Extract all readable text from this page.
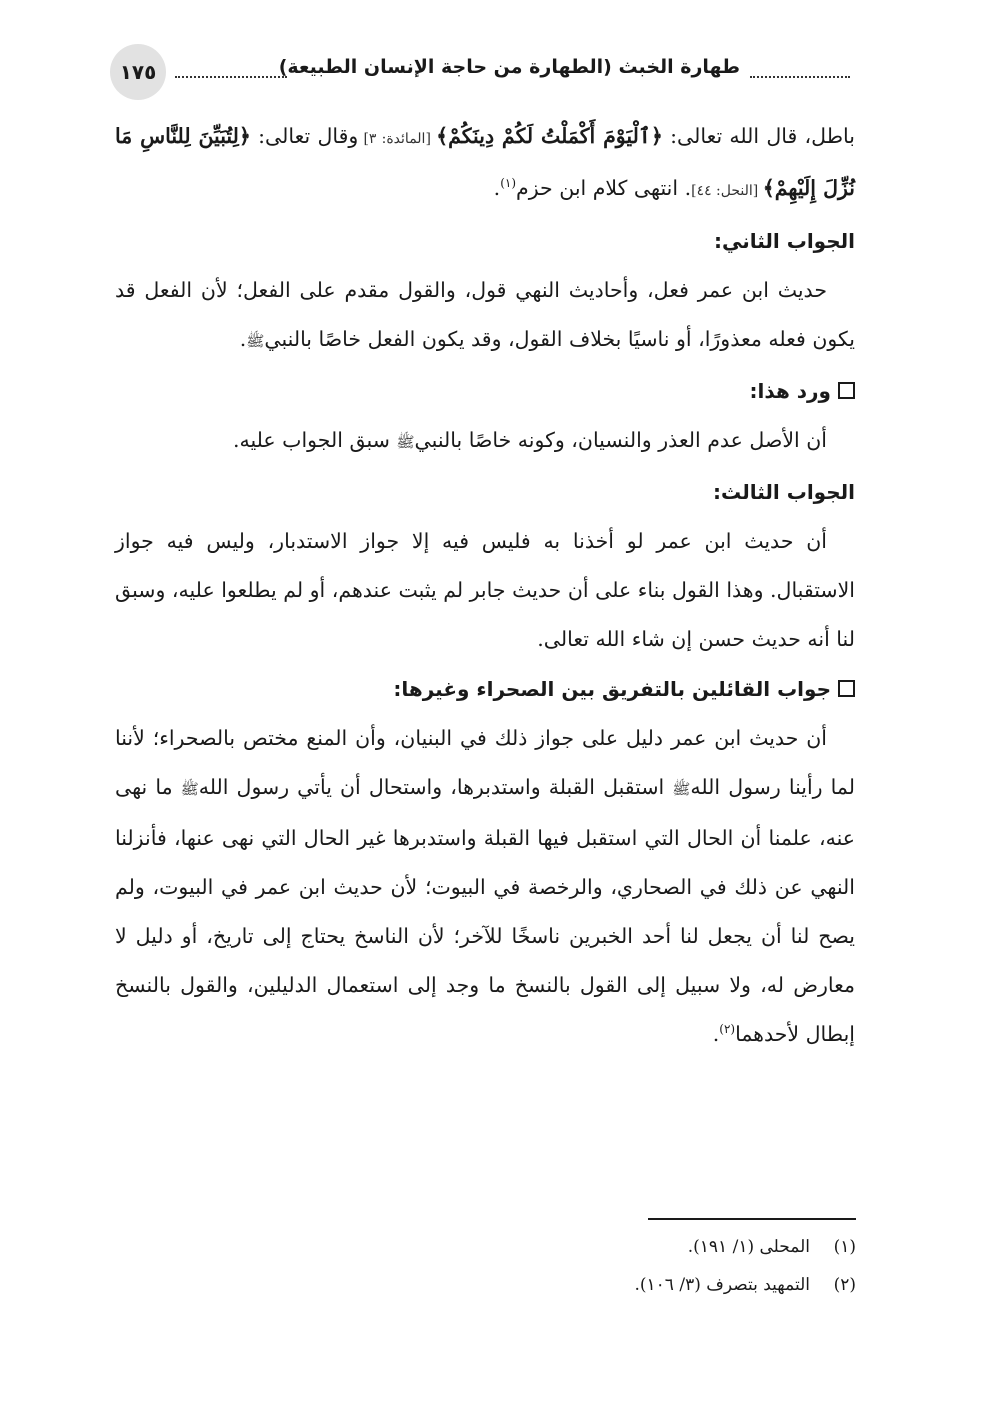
طهارة الخبث (الطهارة من حاجة الإنسان الطبيعة)
١٧٥

باطل، قال الله تعالى: ﴿ٱلْيَوْمَ أَكْمَلْتُ لَكُمْ دِينَكُمْ﴾ [المائدة: ٣] وقال تعالى: ﴿لِتُبَيِّنَ لِلنَّاسِ مَا نُزِّلَ إِلَيْهِمْ﴾ [النحل: ٤٤]. انتهى كلام ابن حزم$^{(١)}$.

الجواب الثاني:

حديث ابن عمر فعل، وأحاديث النهي قول، والقول مقدم على الفعل؛ لأن الفعل قد يكون فعله معذورًا، أو ناسيًا بخلاف القول، وقد يكون الفعل خاصًا بالنبيﷺ.

ورد هذا:

أن الأصل عدم العذر والنسيان، وكونه خاصًا بالنبيﷺ سبق الجواب عليه.

الجواب الثالث:

أن حديث ابن عمر لو أخذنا به فليس فيه إلا جواز الاستدبار، وليس فيه جواز الاستقبال. وهذا القول بناء على أن حديث جابر لم يثبت عندهم، أو لم يطلعوا عليه، وسبق لنا أنه حديث حسن إن شاء الله تعالى.

جواب القائلين بالتفريق بين الصحراء وغيرها:

أن حديث ابن عمر دليل على جواز ذلك في البنيان، وأن المنع مختص بالصحراء؛ لأننا لما رأينا رسول اللهﷺ استقبل القبلة واستدبرها، واستحال أن يأتي رسول اللهﷺ ما نهى عنه، علمنا أن الحال التي استقبل فيها القبلة واستدبرها غير الحال التي نهى عنها، فأنزلنا النهي عن ذلك في الصحاري، والرخصة في البيوت؛ لأن حديث ابن عمر في البيوت، ولم يصح لنا أن يجعل لنا أحد الخبرين ناسخًا للآخر؛ لأن الناسخ يحتاج إلى تاريخ، أو دليل لا معارض له، ولا سبيل إلى القول بالنسخ ما وجد إلى استعمال الدليلين، والقول بالنسخ إبطال لأحدهما$^{(٢)}$.

(١)المحلى (١/ ١٩١).
(٢)التمهيد بتصرف (٣/ ١٠٦).
